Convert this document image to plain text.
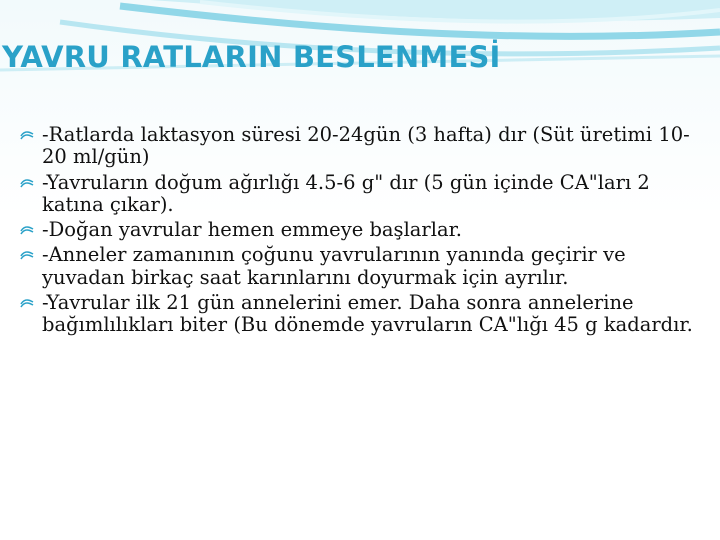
YAVRU RATLARIN BESLENMESİ
-Ratlarda laktasyon süresi 20-24gün (3 hafta) dır (Süt üretimi 10-20 ml/gün)
-Yavruların doğum ağırlığı 4.5-6 g" dır (5 gün içinde CA"ları 2 katına çıkar).
-Doğan yavrular hemen emmeye başlarlar.
-Anneler zamanının çoğunu yavrularının yanında geçirir ve yuvadan birkaç saat karınlarını doyurmak için ayrılır.
-Yavrular ilk 21 gün annelerini emer. Daha sonra annelerine bağımlılıkları biter (Bu dönemde yavruların CA"lığı 45 g kadardır.
